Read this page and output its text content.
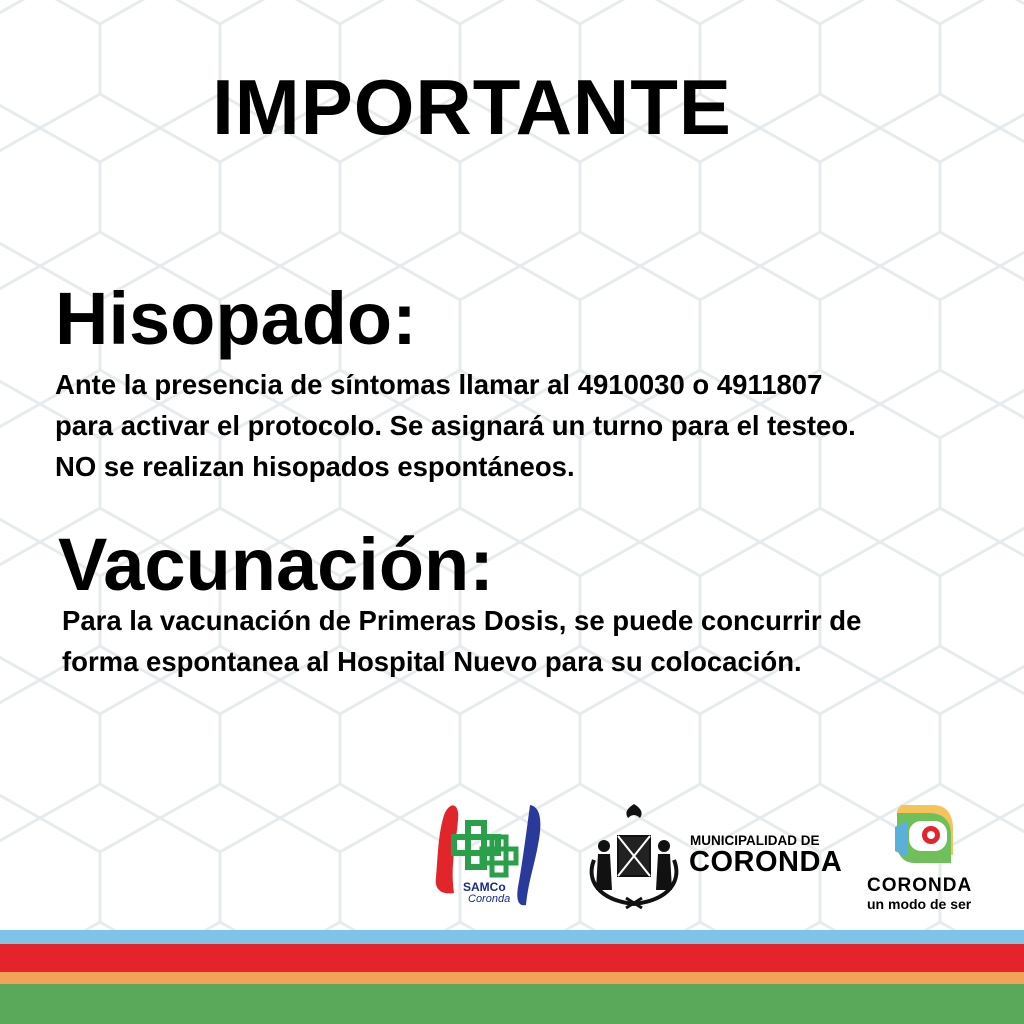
IMPORTANTE
Hisopado:
Ante la presencia de síntomas llamar al 4910030 o 4911807
para activar el protocolo. Se asignará un turno para el testeo.
NO se realizan hisopados espontáneos.
Vacunación:
Para la vacunación de Primeras Dosis, se puede concurrir de
forma espontanea al Hospital Nuevo para su colocación.
SAMCo
Coronda
MUNICIPALIDAD DE
CORONDA
CORONDA
un modo de ser
